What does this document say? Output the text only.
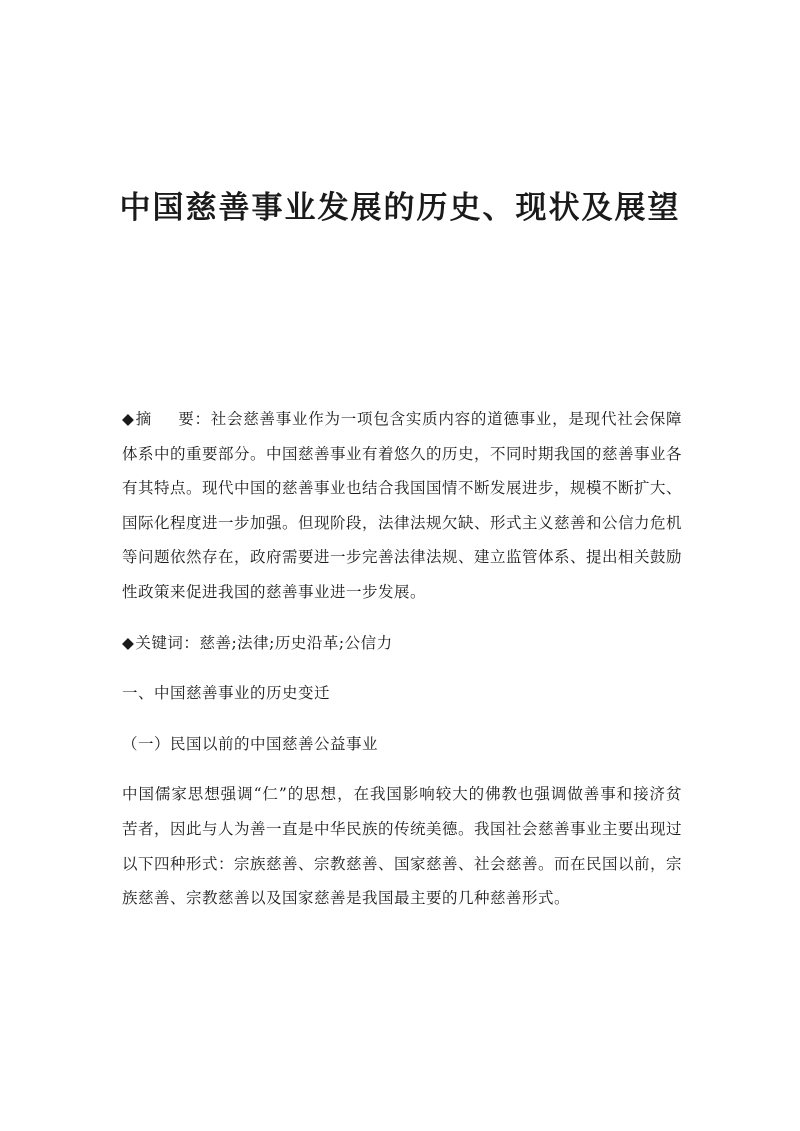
中国慈善事业发展的历史、现状及展望

◆摘 要：社会慈善事业作为一项包含实质内容的道德事业，是现代社会保障体系中的重要部分。中国慈善事业有着悠久的历史，不同时期我国的慈善事业各有其特点。现代中国的慈善事业也结合我国国情不断发展进步，规模不断扩大、国际化程度进一步加强。但现阶段，法律法规欠缺、形式主义慈善和公信力危机等问题依然存在，政府需要进一步完善法律法规、建立监管体系、提出相关鼓励性政策来促进我国的慈善事业进一步发展。

◆关键词：慈善;法律;历史沿革;公信力

一、中国慈善事业的历史变迁

（一）民国以前的中国慈善公益事业

中国儒家思想强调“仁”的思想，在我国影响较大的佛教也强调做善事和接济贫苦者，因此与人为善一直是中华民族的传统美德。我国社会慈善事业主要出现过以下四种形式：宗族慈善、宗教慈善、国家慈善、社会慈善。而在民国以前，宗族慈善、宗教慈善以及国家慈善是我国最主要的几种慈善形式。
